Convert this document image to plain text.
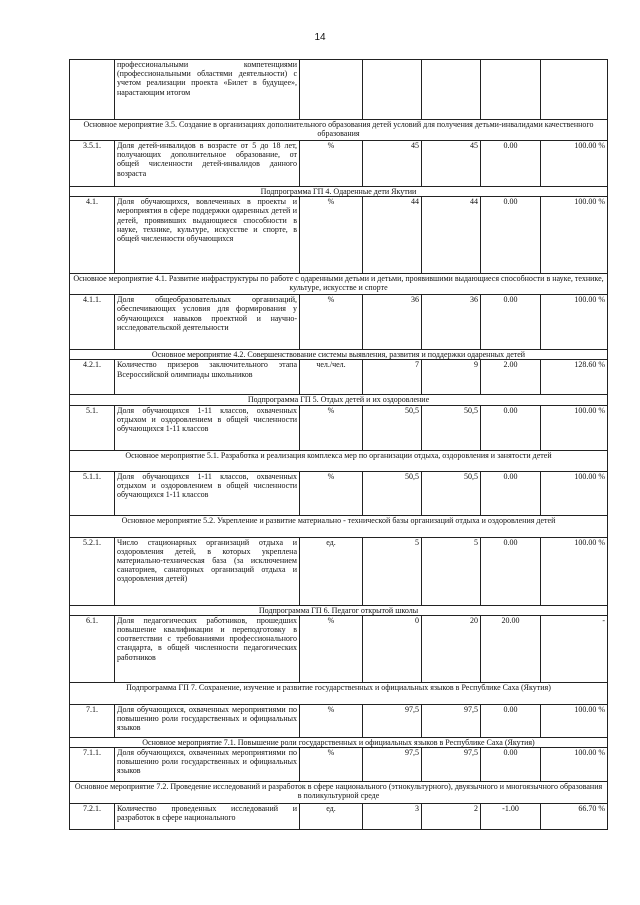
14
	профессиональными компетенциями (профессиональными областями деятельности) с учетом реализации проекта «Билет в будущее», нарастающим итогом					
Основное мероприятие 3.5. Создание в организациях дополнительного образования детей условий для получения детьми-инвалидами качественного образования						
3.5.1.	Доля детей-инвалидов в возрасте от 5 до 18 лет, получающих дополнительное образование, от общей численности детей-инвалидов данного возраста	%	45	45	0.00	100.00 %
Подпрограмма ГП 4. Одаренные дети Якутии						
4.1.	Доля обучающихся, вовлеченных в проекты и мероприятия в сфере поддержки одаренных детей и детей, проявивших выдающиеся способности в науке, технике, культуре, искусстве и спорте, в общей численности обучающихся	%	44	44	0.00	100.00 %
Основное мероприятие 4.1. Развитие инфраструктуры по работе с одаренными детьми и детьми, проявившими выдающиеся способности в науке, технике, культуре, искусстве и спорте						
4.1.1.	Доля общеобразовательных организаций, обеспечивающих условия для формирования у обучающихся навыков проектной и научно-исследовательской деятельности	%	36	36	0.00	100.00 %
Основное мероприятие 4.2. Совершенствование системы выявления, развития и поддержки одаренных детей						
4.2.1.	Количество призеров заключительного этапа Всероссийской олимпиады школьников	чел./чел.	7	9	2.00	128.60 %
Подпрограмма ГП 5. Отдых детей и их оздоровление						
5.1.	Доля обучающихся 1-11 классов, охваченных отдыхом и оздоровлением в общей численности обучающихся 1-11 классов	%	50,5	50,5	0.00	100.00 %
Основное мероприятие 5.1. Разработка и реализация комплекса мер по организации отдыха, оздоровления и занятости детей						
5.1.1.	Доля обучающихся 1-11 классов, охваченных отдыхом и оздоровлением в общей численности обучающихся 1-11 классов	%	50,5	50,5	0.00	100.00 %
Основное мероприятие 5.2. Укрепление и развитие материально - технической базы организаций отдыха и оздоровления детей						
5.2.1.	Число стационарных организаций отдыха и оздоровления детей, в которых укреплена материально-техническая база (за исключением санаториев, санаторных организаций отдыха и оздоровления детей)	ед.	5	5	0.00	100.00 %
Подпрограмма ГП 6. Педагог открытой школы						
6.1.	Доля педагогических работников, прошедших повышение квалификации и переподготовку в соответствии с требованиями профессионального стандарта, в общей численности педагогических работников	%	0	20	20.00	-
Подпрограмма ГП 7. Сохранение, изучение и развитие государственных и официальных языков в Республике Саха (Якутия)						
7.1.	Доля обучающихся, охваченных мероприятиями по повышению роли государственных и официальных языков	%	97,5	97,5	0.00	100.00 %
Основное мероприятие 7.1. Повышение роли государственных и официальных языков в Республике Саха (Якутия)						
7.1.1.	Доля обучающихся, охваченных мероприятиями по повышению роли государственных и официальных языков	%	97,5	97,5	0.00	100.00 %
Основное мероприятие 7.2. Проведение исследований и разработок в сфере национального (этнокультурного), двуязычного и многоязычного образования в поликультурной среде						
7.2.1.	Количество проведенных исследований и разработок в сфере национального	ед.	3	2	-1.00	66.70 %
